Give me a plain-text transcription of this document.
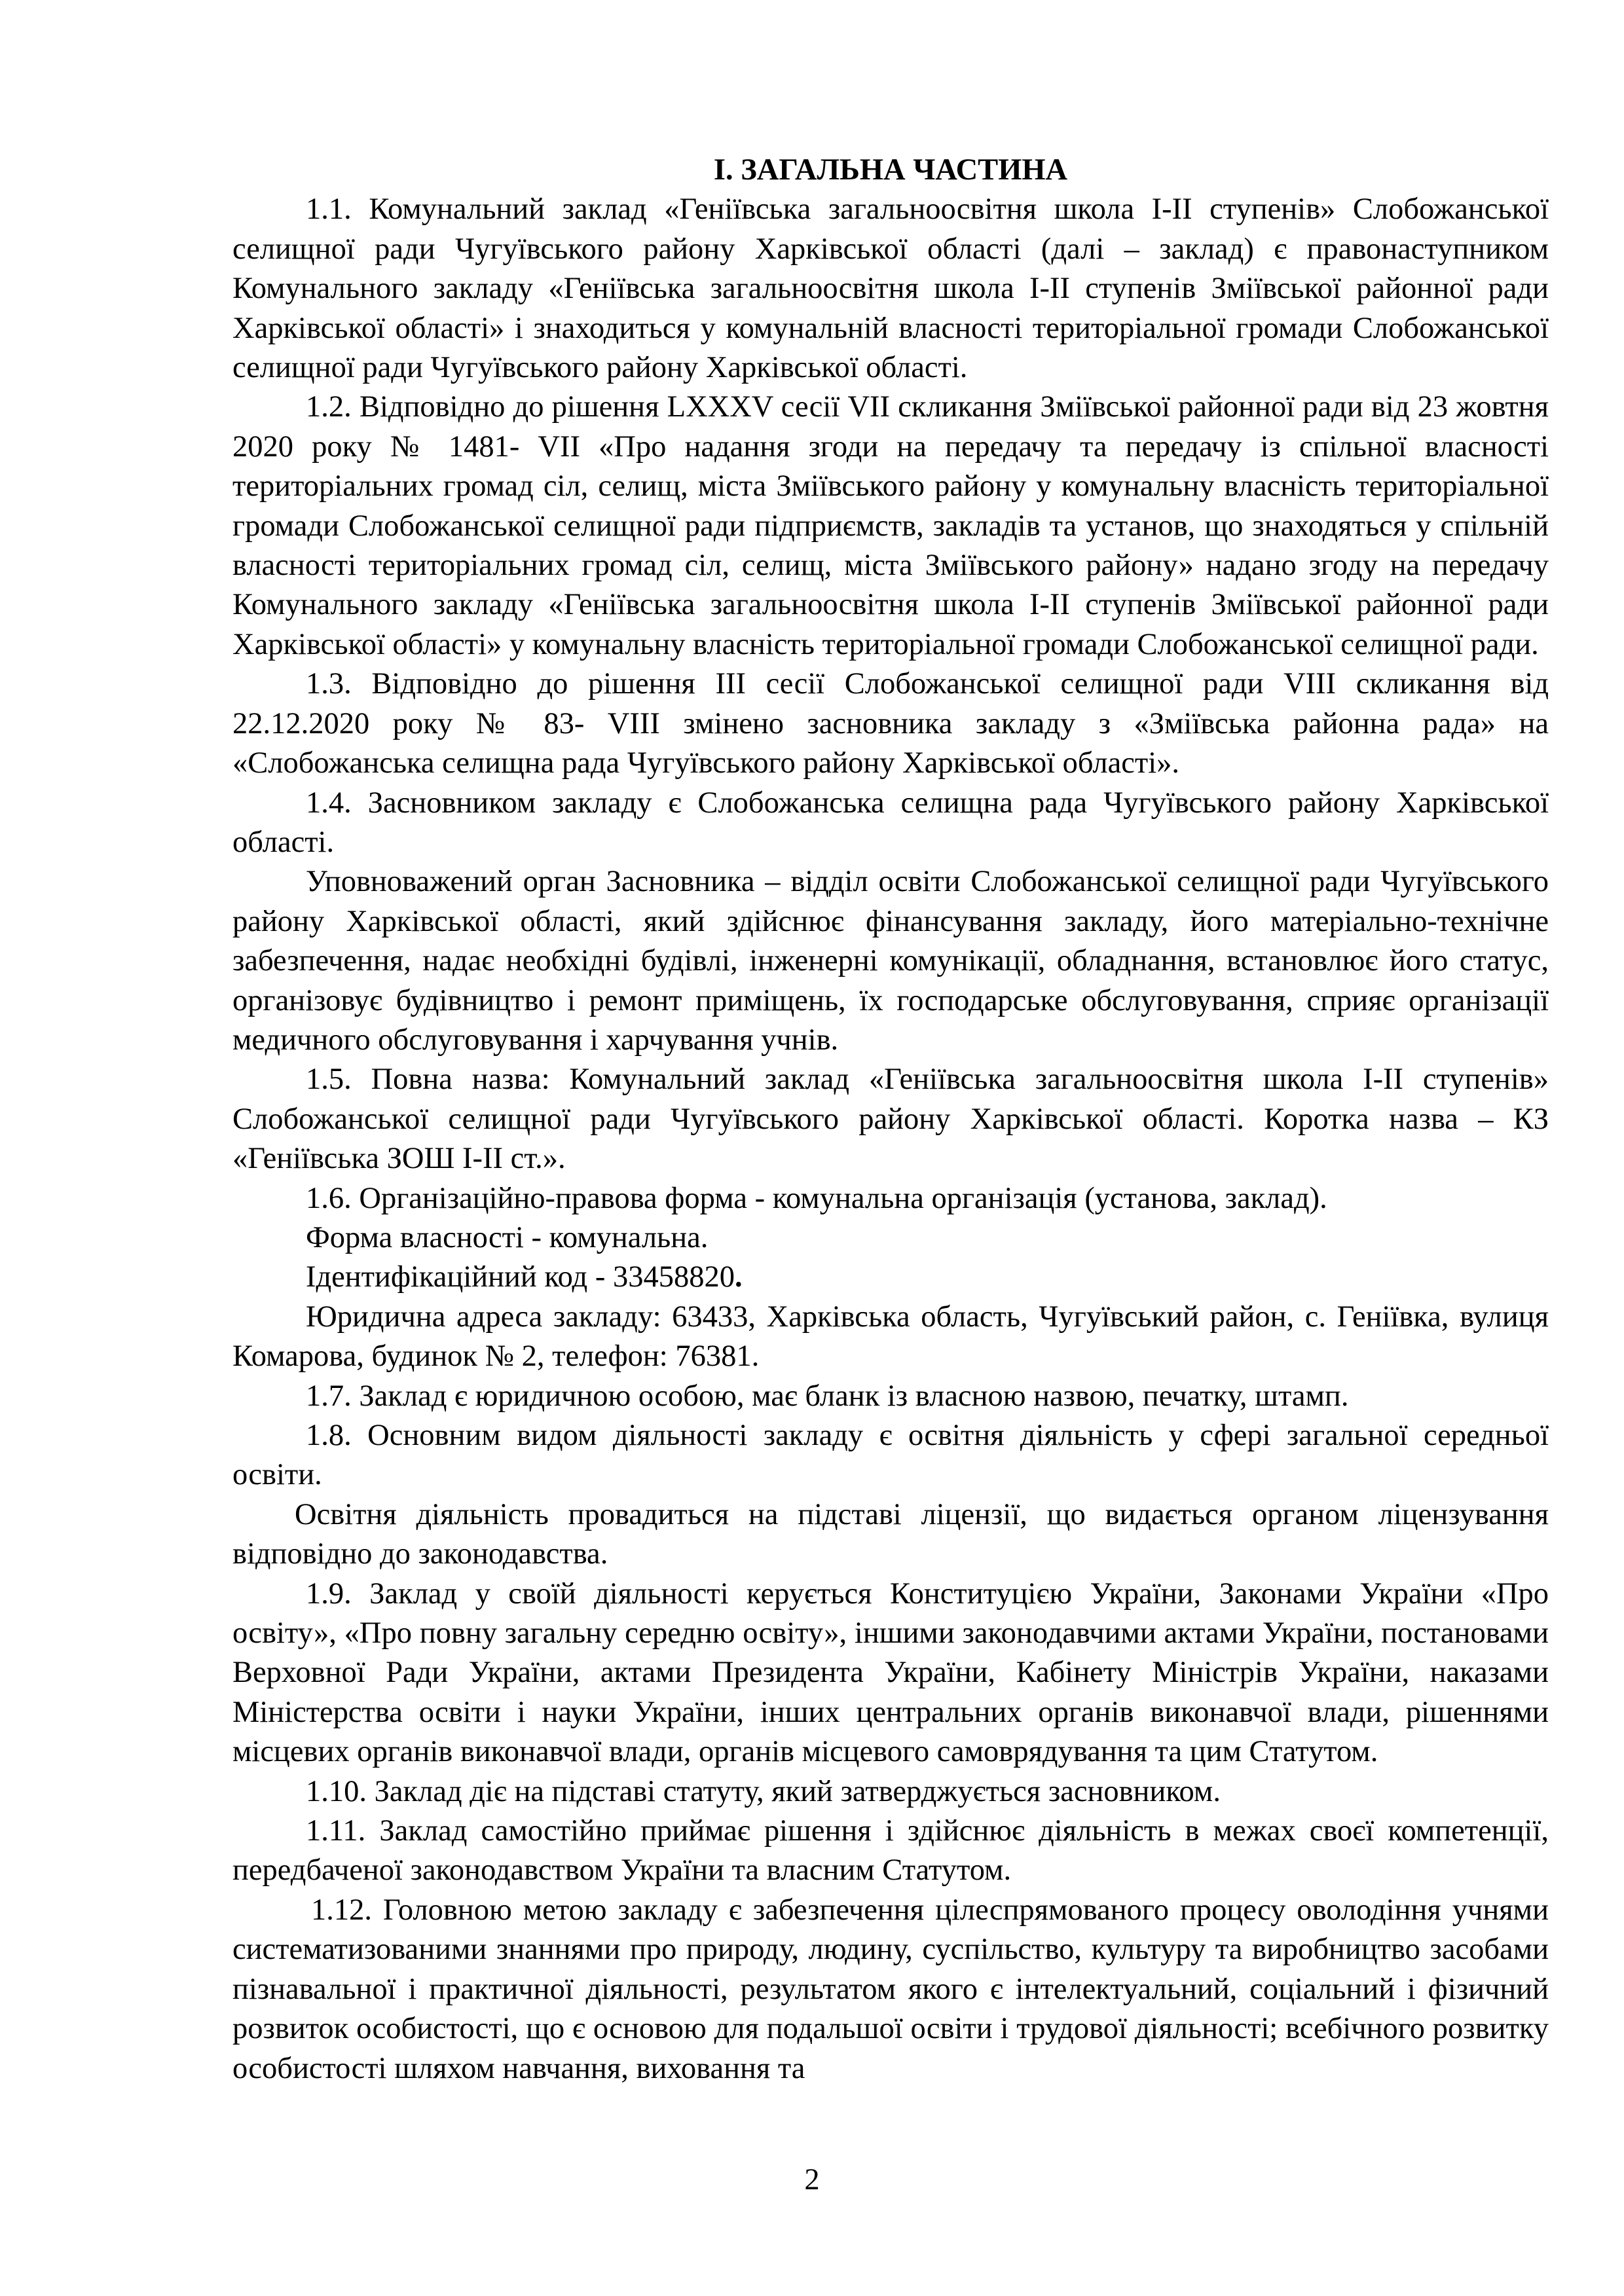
І. ЗАГАЛЬНА ЧАСТИНА

1.1. Комунальний заклад «Геніївська загальноосвітня школа І-ІІ ступенів» Слобожанської селищної ради Чугуївського району Харківської області (далі – заклад) є правонаступником Комунального закладу «Геніївська загальноосвітня школа І-ІІ ступенів Зміївської районної ради Харківської області» і знаходиться у комунальній власності територіальної громади Слобожанської селищної ради Чугуївського району Харківської області.

1.2. Відповідно до рішення LXXXV сесії VII скликання Зміївської районної ради від 23 жовтня 2020 року № 1481- VII «Про надання згоди на передачу та передачу із спільної власності територіальних громад сіл, селищ, міста Зміївського району у комунальну власність територіальної громади Слобожанської селищної ради підприємств, закладів та установ, що знаходяться у спільній власності територіальних громад сіл, селищ, міста Зміївського району» надано згоду на передачу Комунального закладу «Геніївська загальноосвітня школа І-ІІ ступенів Зміївської районної ради Харківської області» у комунальну власність територіальної громади Слобожанської селищної ради.

1.3. Відповідно до рішення ІІІ сесії Слобожанської селищної ради VIII скликання від 22.12.2020 року № 83- VIII змінено засновника закладу з «Зміївська районна рада» на «Слобожанська селищна рада Чугуївського району Харківської області».

1.4. Засновником закладу є Слобожанська селищна рада Чугуївського району Харківської області.

Уповноважений орган Засновника – відділ освіти Слобожанської селищної ради Чугуївського району Харківської області, який здійснює фінансування закладу, його матеріально-технічне забезпечення, надає необхідні будівлі, інженерні комунікації, обладнання, встановлює його статус, організовує будівництво і ремонт приміщень, їх господарське обслуговування, сприяє організації медичного обслуговування і харчування учнів.

1.5. Повна назва: Комунальний заклад «Геніївська загальноосвітня школа І-ІІ ступенів» Слобожанської селищної ради Чугуївського району Харківської області. Коротка назва – КЗ «Геніївська ЗОШ І-ІІ ст.».

1.6. Організаційно-правова форма - комунальна організація (установа, заклад).

Форма власності - комунальна.

Ідентифікаційний код - 33458820.

Юридична адреса закладу: 63433, Харківська область, Чугуївський район, с. Геніївка, вулиця Комарова, будинок № 2, телефон: 76381.

1.7. Заклад є юридичною особою, має бланк із власною назвою, печатку, штамп.

1.8. Основним видом діяльності закладу є освітня діяльність у сфері загальної середньої освіти.

Освітня діяльність провадиться на підставі ліцензії, що видається органом ліцензування відповідно до законодавства.

1.9. Заклад у своїй діяльності керується Конституцією України, Законами України «Про освіту», «Про повну загальну середню освіту», іншими законодавчими актами України, постановами Верховної Ради України, актами Президента України, Кабінету Міністрів України, наказами Міністерства освіти і науки України, інших центральних органів виконавчої влади, рішеннями місцевих органів виконавчої влади, органів місцевого самоврядування та цим Статутом.

1.10. Заклад діє на підставі статуту, який затверджується засновником.

1.11. Заклад самостійно приймає рішення і здійснює діяльність в межах своєї компетенції, передбаченої законодавством України та власним Статутом.

1.12. Головною метою закладу є забезпечення цілеспрямованого процесу оволодіння учнями систематизованими знаннями про природу, людину, суспільство, культуру та виробництво засобами пізнавальної і практичної діяльності, результатом якого є інтелектуальний, соціальний і фізичний розвиток особистості, що є основою для подальшої освіти і трудової діяльності; всебічного розвитку особистості шляхом навчання, виховання та

2
